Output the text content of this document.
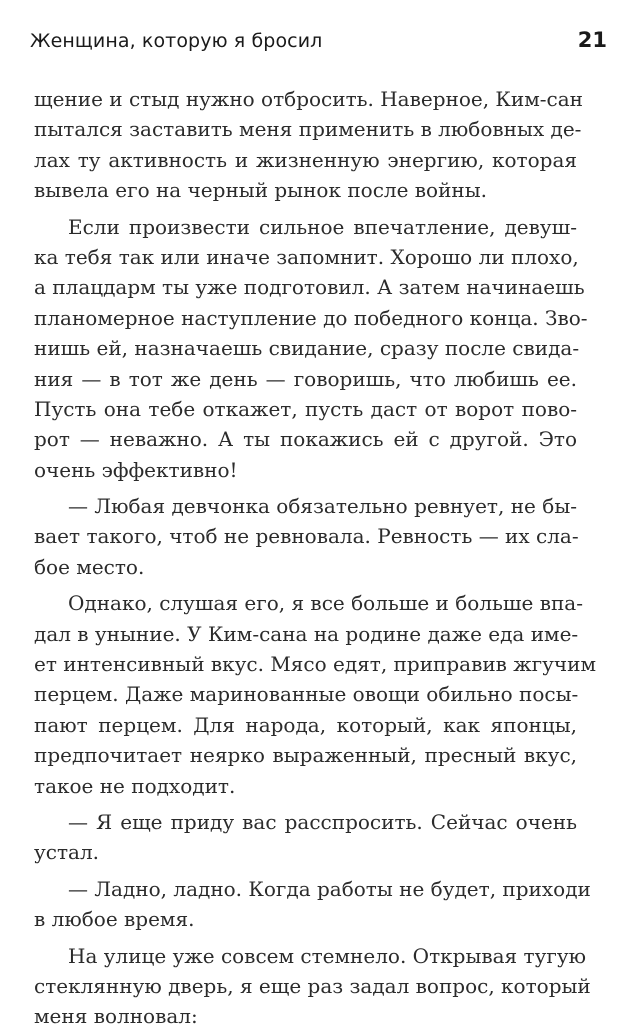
Женщина, которую я бросил	21
щение и стыд нужно отбросить. Наверное, Ким-сан
пытался заставить меня применить в любовных де-
лах ту активность и жизненную энергию, которая
вывела его на черный рынок после войны.
Если произвести сильное впечатление, девуш-
ка тебя так или иначе запомнит. Хорошо ли плохо,
а плацдарм ты уже подготовил. А затем начинаешь
планомерное наступление до победного конца. Зво-
нишь ей, назначаешь свидание, сразу после свида-
ния — в тот же день — говоришь, что любишь ее.
Пусть она тебе откажет, пусть даст от ворот пово-
рот — неважно. А ты покажись ей с другой. Это
очень эффективно!
— Любая девчонка обязательно ревнует, не бы-
вает такого, чтоб не ревновала. Ревность — их сла-
бое место.
Однако, слушая его, я все больше и больше впа-
дал в уныние. У Ким-сана на родине даже еда име-
ет интенсивный вкус. Мясо едят, приправив жгучим
перцем. Даже маринованные овощи обильно посы-
пают перцем. Для народа, который, как японцы,
предпочитает неярко выраженный, пресный вкус,
такое не подходит.
— Я еще приду вас расспросить. Сейчас очень
устал.
— Ладно, ладно. Когда работы не будет, приходи
в любое время.
На улице уже совсем стемнело. Открывая тугую
стеклянную дверь, я еще раз задал вопрос, который
меня волновал:
